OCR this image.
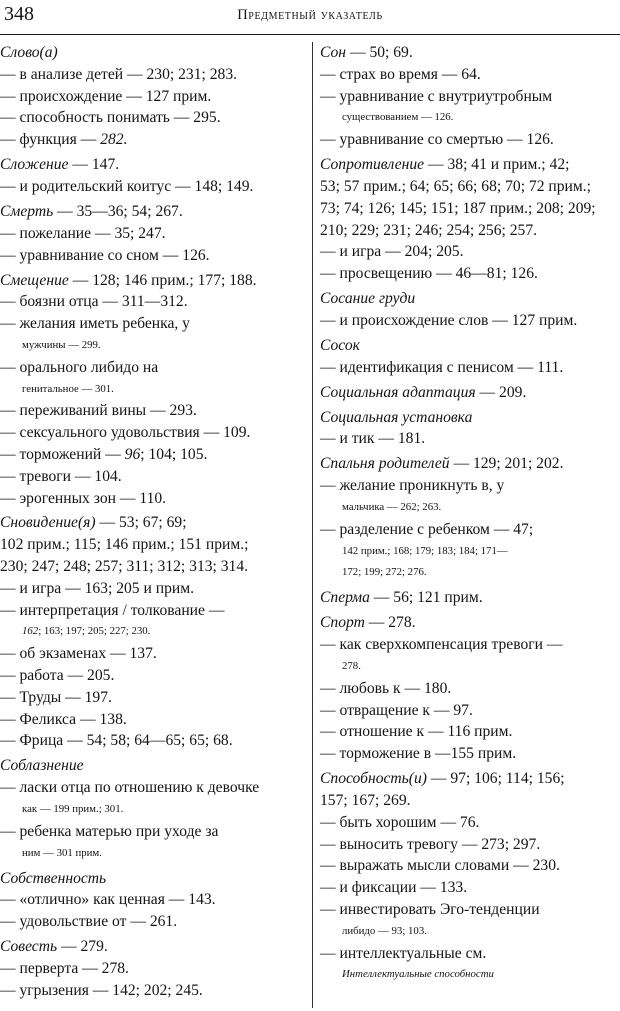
348	Предметный указатель
Слово(а)
— в анализе детей — 230; 231; 283.
— происхождение — 127 прим.
— способность понимать — 295.
— функция — 282.
Сложение — 147.
— и родительский коитус — 148; 149.
Смерть — 35—36; 54; 267.
— пожелание — 35; 247.
— уравнивание со сном — 126.
Смещение — 128; 146 прим.; 177; 188.
— боязни отца — 311—312.
— желания иметь ребенка, у
мужчины — 299.
— орального либидо на
генитальное — 301.
— переживаний вины — 293.
— сексуального удовольствия — 109.
— торможений — 96; 104; 105.
— тревоги — 104.
— эрогенных зон — 110.
Сновидение(я) — 53; 67; 69;
102 прим.; 115; 146 прим.; 151 прим.;
230; 247; 248; 257; 311; 312; 313; 314.
— и игра — 163; 205 и прим.
— интерпретация / толкование —
162; 163; 197; 205; 227; 230.
— об экзаменах — 137.
— работа — 205.
— Труды — 197.
— Феликса — 138.
— Фрица — 54; 58; 64—65; 65; 68.
Соблазнение
— ласки отца по отношению к девочке
как — 199 прим.; 301.
— ребенка матерью при уходе за
ним — 301 прим.
Собственность
— «отлично» как ценная — 143.
— удовольствие от — 261.
Совесть — 279.
— перверта — 278.
— угрызения — 142; 202; 245.
Сон — 50; 69.
— страх во время — 64.
— уравнивание с внутриутробным
существованием — 126.
— уравнивание со смертью — 126.
Сопротивление — 38; 41 и прим.; 42;
53; 57 прим.; 64; 65; 66; 68; 70; 72 прим.;
73; 74; 126; 145; 151; 187 прим.; 208; 209;
210; 229; 231; 246; 254; 256; 257.
— и игра — 204; 205.
— просвещению — 46—81; 126.
Сосание груди
— и происхождение слов — 127 прим.
Сосок
— идентификация с пенисом — 111.
Социальная адаптация — 209.
Социальная установка
— и тик — 181.
Спальня родителей — 129; 201; 202.
— желание проникнуть в, у
мальчика — 262; 263.
— разделение с ребенком — 47;
142 прим.; 168; 179; 183; 184; 171—
172; 199; 272; 276.
Сперма — 56; 121 прим.
Спорт — 278.
— как сверхкомпенсация тревоги —
278.
— любовь к — 180.
— отвращение к — 97.
— отношение к — 116 прим.
— торможение в —155 прим.
Способность(и) — 97; 106; 114; 156;
157; 167; 269.
— быть хорошим — 76.
— выносить тревогу — 273; 297.
— выражать мысли словами — 230.
— и фиксации — 133.
— инвестировать Эго-тенденции
либидо — 93; 103.
— интеллектуальные см.
Интеллектуальные способности
